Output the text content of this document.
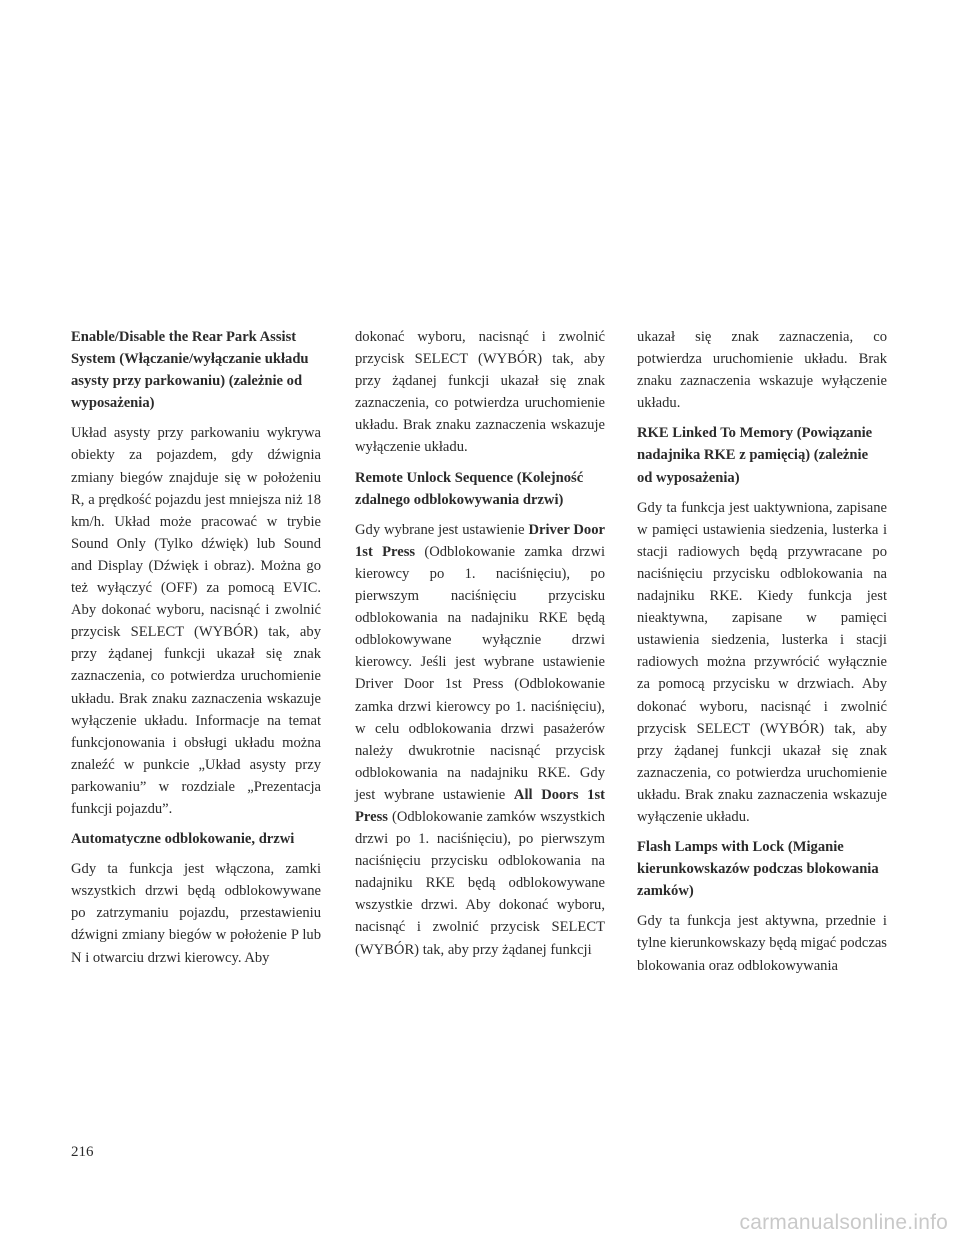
Enable/Disable the Rear Park Assist System (Włączanie/wyłączanie układu asysty przy parkowaniu) (zależnie od wyposażenia)

Układ asysty przy parkowaniu wykrywa obiekty za pojazdem, gdy dźwignia zmiany biegów znajduje się w położeniu R, a prędkość pojazdu jest mniejsza niż 18 km/h. Układ może pracować w trybie Sound Only (Tylko dźwięk) lub Sound and Display (Dźwięk i obraz). Można go też wyłączyć (OFF) za pomocą EVIC. Aby dokonać wyboru, nacisnąć i zwolnić przycisk SELECT (WYBÓR) tak, aby przy żądanej funkcji ukazał się znak zaznaczenia, co potwierdza uruchomienie układu. Brak znaku zaznaczenia wskazuje wyłączenie układu. Informacje na temat funkcjonowania i obsługi układu można znaleźć w punkcie „Układ asysty przy parkowaniu” w rozdziale „Prezentacja funkcji pojazdu”.

Automatyczne odblokowanie, drzwi

Gdy ta funkcja jest włączona, zamki wszystkich drzwi będą odblokowywane po zatrzymaniu pojazdu, przestawieniu dźwigni zmiany biegów w położenie P lub N i otwarciu drzwi kierowcy. Aby

dokonać wyboru, nacisnąć i zwolnić przycisk SELECT (WYBÓR) tak, aby przy żądanej funkcji ukazał się znak zaznaczenia, co potwierdza uruchomienie układu. Brak znaku zaznaczenia wskazuje wyłączenie układu.

Remote Unlock Sequence (Kolejność zdalnego odblokowywania drzwi)

Gdy wybrane jest ustawienie Driver Door 1st Press (Odblokowanie zamka drzwi kierowcy po 1. naciśnięciu), po pierwszym naciśnięciu przycisku odblokowania na nadajniku RKE będą odblokowywane wyłącznie drzwi kierowcy. Jeśli jest wybrane ustawienie Driver Door 1st Press (Odblokowanie zamka drzwi kierowcy po 1. naciśnięciu), w celu odblokowania drzwi pasażerów należy dwukrotnie nacisnąć przycisk odblokowania na nadajniku RKE. Gdy jest wybrane ustawienie All Doors 1st Press (Odblokowanie zamków wszystkich drzwi po 1. naciśnięciu), po pierwszym naciśnięciu przycisku odblokowania na nadajniku RKE będą odblokowywane wszystkie drzwi. Aby dokonać wyboru, nacisnąć i zwolnić przycisk SELECT (WYBÓR) tak, aby przy żądanej funkcji

ukazał się znak zaznaczenia, co potwierdza uruchomienie układu. Brak znaku zaznaczenia wskazuje wyłączenie układu.

RKE Linked To Memory (Powiązanie nadajnika RKE z pamięcią) (zależnie od wyposażenia)

Gdy ta funkcja jest uaktywniona, zapisane w pamięci ustawienia siedzenia, lusterka i stacji radiowych będą przywracane po naciśnięciu przycisku odblokowania na nadajniku RKE. Kiedy funkcja jest nieaktywna, zapisane w pamięci ustawienia siedzenia, lusterka i stacji radiowych można przywrócić wyłącznie za pomocą przycisku w drzwiach. Aby dokonać wyboru, nacisnąć i zwolnić przycisk SELECT (WYBÓR) tak, aby przy żądanej funkcji ukazał się znak zaznaczenia, co potwierdza uruchomienie układu. Brak znaku zaznaczenia wskazuje wyłączenie układu.

Flash Lamps with Lock (Miganie kierunkowskazów podczas blokowania zamków)

Gdy ta funkcja jest aktywna, przednie i tylne kierunkowskazy będą migać podczas blokowania oraz odblokowywania

216
carmanualsonline.info
